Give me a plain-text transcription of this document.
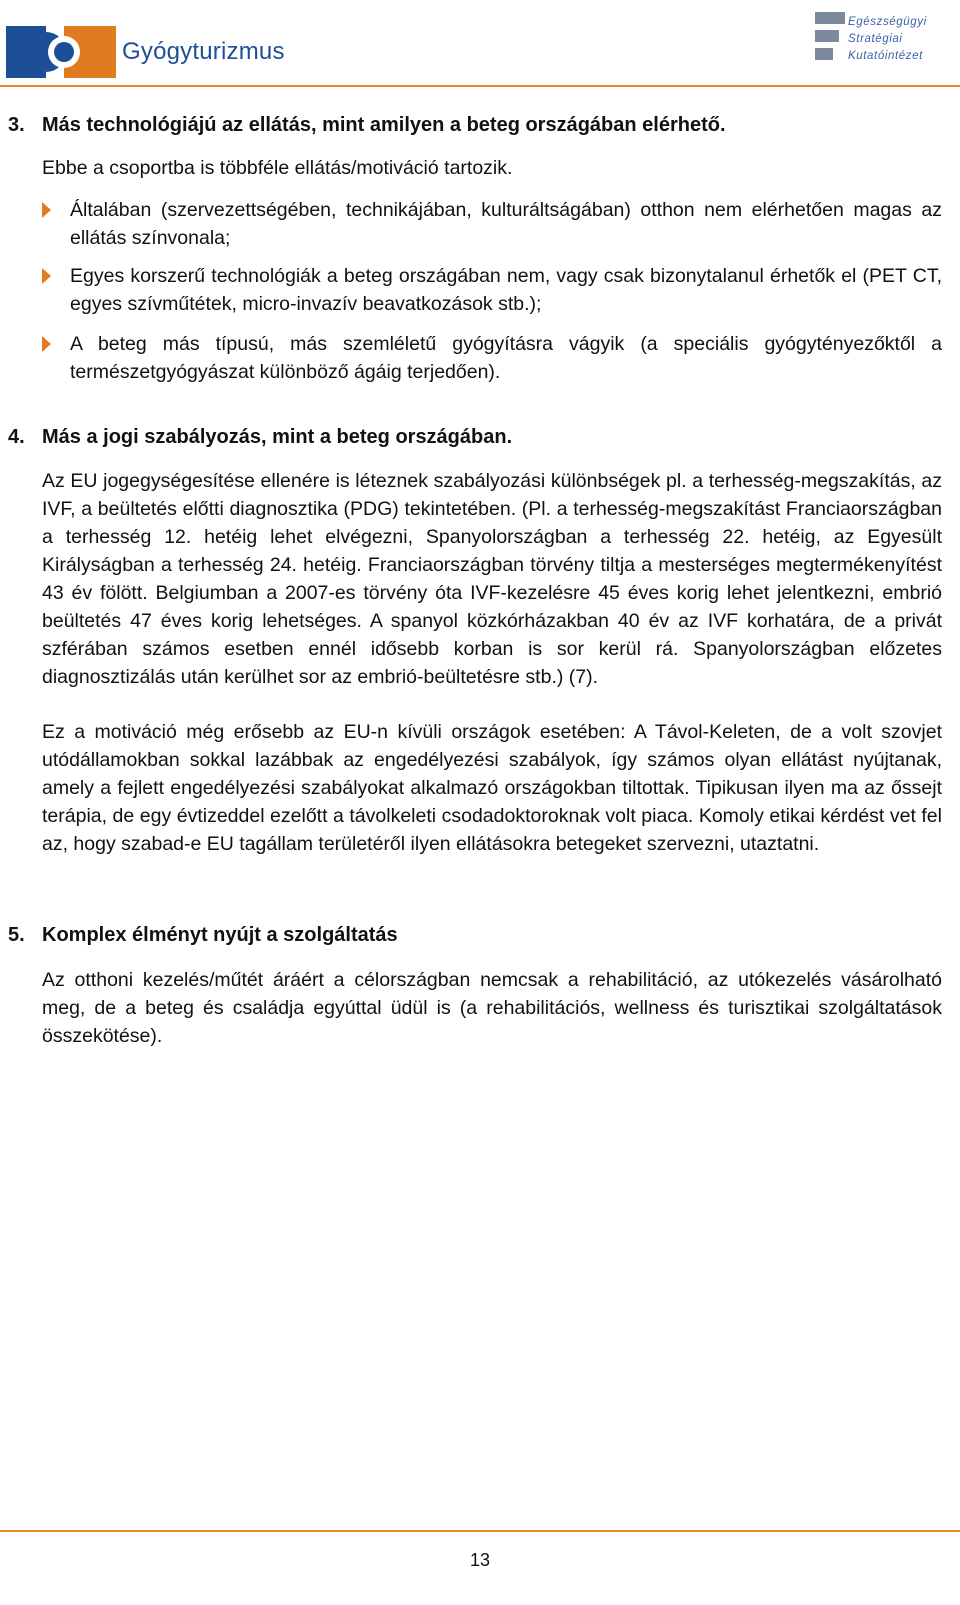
Gyógyturizmus
Egészségügyi
Stratégiai
Kutatóintézet
3. Más technológiájú az ellátás, mint amilyen a beteg országában elérhető.
Ebbe a csoportba is többféle ellátás/motiváció tartozik.
Általában (szervezettségében, technikájában, kulturáltságában) otthon nem elérhetően magas az ellátás színvonala;
Egyes korszerű technológiák a beteg országában nem, vagy csak bizonytalanul érhetők el (PET CT, egyes szívműtétek, micro-invazív beavatkozások stb.);
A beteg más típusú, más szemléletű gyógyításra vágyik (a speciális gyógytényezőktől a természetgyógyászat különböző ágáig terjedően).
4. Más a jogi szabályozás, mint a beteg országában.
Az EU jogegységesítése ellenére is léteznek szabályozási különbségek pl. a terhesség-megszakítás, az IVF, a beültetés előtti diagnosztika (PDG) tekintetében. (Pl. a terhesség-megszakítást Franciaországban a terhesség 12. hetéig lehet elvégezni, Spanyolországban a terhesség 22. hetéig, az Egyesült Királyságban a terhesség 24. hetéig. Franciaországban törvény tiltja a mesterséges megtermékenyítést 43 év fölött. Belgiumban a 2007-es törvény óta IVF-kezelésre 45 éves korig lehet jelentkezni, embrió beültetés 47 éves korig lehetséges. A spanyol közkórházakban 40 év az IVF korhatára, de a privát szférában számos esetben ennél idősebb korban is sor kerül rá. Spanyolországban előzetes diagnosztizálás után kerülhet sor az embrió-beültetésre stb.) (7).
Ez a motiváció még erősebb az EU-n kívüli országok esetében: A Távol-Keleten, de a volt szovjet utódállamokban sokkal lazábbak az engedélyezési szabályok, így számos olyan ellátást nyújtanak, amely a fejlett engedélyezési szabályokat alkalmazó országokban tiltottak. Tipikusan ilyen ma az őssejt terápia, de egy évtizeddel ezelőtt a távolkeleti csodadoktoroknak volt piaca. Komoly etikai kérdést vet fel az, hogy szabad-e EU tagállam területéről ilyen ellátásokra betegeket szervezni, utaztatni.
5. Komplex élményt nyújt a szolgáltatás
Az otthoni kezelés/műtét áráért a célországban nemcsak a rehabilitáció, az utókezelés vásárolható meg, de a beteg és családja egyúttal üdül is (a rehabilitációs, wellness és turisztikai szolgáltatások összekötése).
13
